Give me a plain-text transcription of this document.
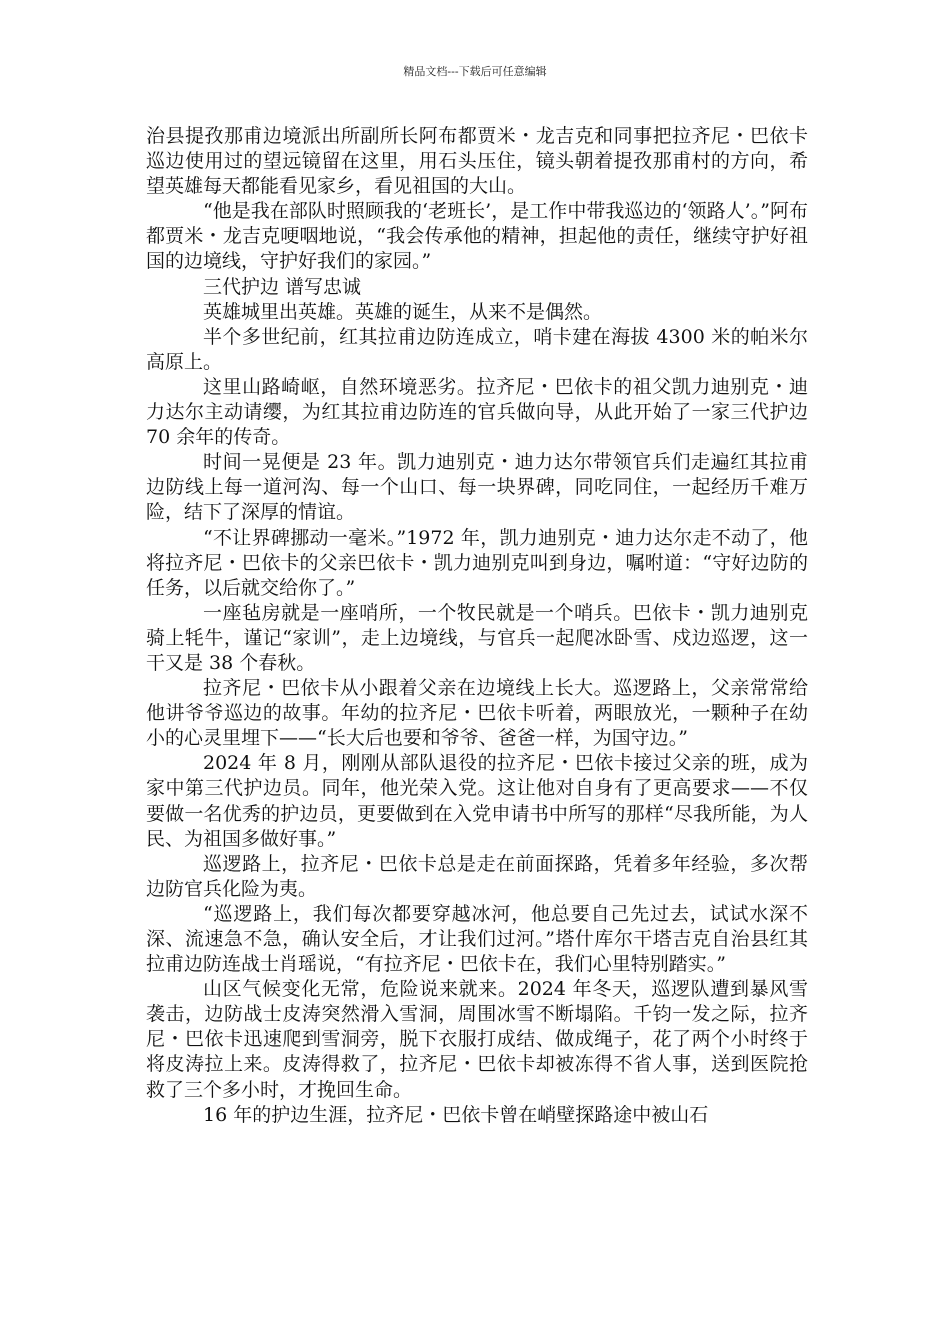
精品文档---下载后可任意编辑

治县提孜那甫边境派出所副所长阿布都贾米・龙吉克和同事把拉齐尼・巴依卡巡边使用过的望远镜留在这里，用石头压住，镜头朝着提孜那甫村的方向，希望英雄每天都能看见家乡，看见祖国的大山。

“他是我在部队时照顾我的‘老班长’，是工作中带我巡边的‘领路人’。”阿布都贾米・龙吉克哽咽地说，“我会传承他的精神，担起他的责任，继续守护好祖国的边境线，守护好我们的家园。”

三代护边 谱写忠诚

英雄城里出英雄。英雄的诞生，从来不是偶然。

半个多世纪前，红其拉甫边防连成立，哨卡建在海拔 4300 米的帕米尔高原上。

这里山路崎岖，自然环境恶劣。拉齐尼・巴依卡的祖父凯力迪别克・迪力达尔主动请缨，为红其拉甫边防连的官兵做向导，从此开始了一家三代护边 70 余年的传奇。

时间一晃便是 23 年。凯力迪别克・迪力达尔带领官兵们走遍红其拉甫边防线上每一道河沟、每一个山口、每一块界碑，同吃同住，一起经历千难万险，结下了深厚的情谊。

“不让界碑挪动一毫米。”1972 年，凯力迪别克・迪力达尔走不动了，他将拉齐尼・巴依卡的父亲巴依卡・凯力迪别克叫到身边，嘱咐道：“守好边防的任务，以后就交给你了。”

一座毡房就是一座哨所，一个牧民就是一个哨兵。巴依卡・凯力迪别克骑上牦牛，谨记“家训”，走上边境线，与官兵一起爬冰卧雪、戍边巡逻，这一干又是 38 个春秋。

拉齐尼・巴依卡从小跟着父亲在边境线上长大。巡逻路上，父亲常常给他讲爷爷巡边的故事。年幼的拉齐尼・巴依卡听着，两眼放光，一颗种子在幼小的心灵里埋下——“长大后也要和爷爷、爸爸一样，为国守边。”

2024 年 8 月，刚刚从部队退役的拉齐尼・巴依卡接过父亲的班，成为家中第三代护边员。同年，他光荣入党。这让他对自身有了更高要求——不仅要做一名优秀的护边员，更要做到在入党申请书中所写的那样“尽我所能，为人民、为祖国多做好事。”

巡逻路上，拉齐尼・巴依卡总是走在前面探路，凭着多年经验，多次帮边防官兵化险为夷。

“巡逻路上，我们每次都要穿越冰河，他总要自己先过去，试试水深不深、流速急不急，确认安全后，才让我们过河。”塔什库尔干塔吉克自治县红其拉甫边防连战士肖瑶说，“有拉齐尼・巴依卡在，我们心里特别踏实。”

山区气候变化无常，危险说来就来。2024 年冬天，巡逻队遭到暴风雪袭击，边防战士皮涛突然滑入雪洞，周围冰雪不断塌陷。千钧一发之际，拉齐尼・巴依卡迅速爬到雪洞旁，脱下衣服打成结、做成绳子，花了两个小时终于将皮涛拉上来。皮涛得救了，拉齐尼・巴依卡却被冻得不省人事，送到医院抢救了三个多小时，才挽回生命。

16 年的护边生涯，拉齐尼・巴依卡曾在峭壁探路途中被山石
